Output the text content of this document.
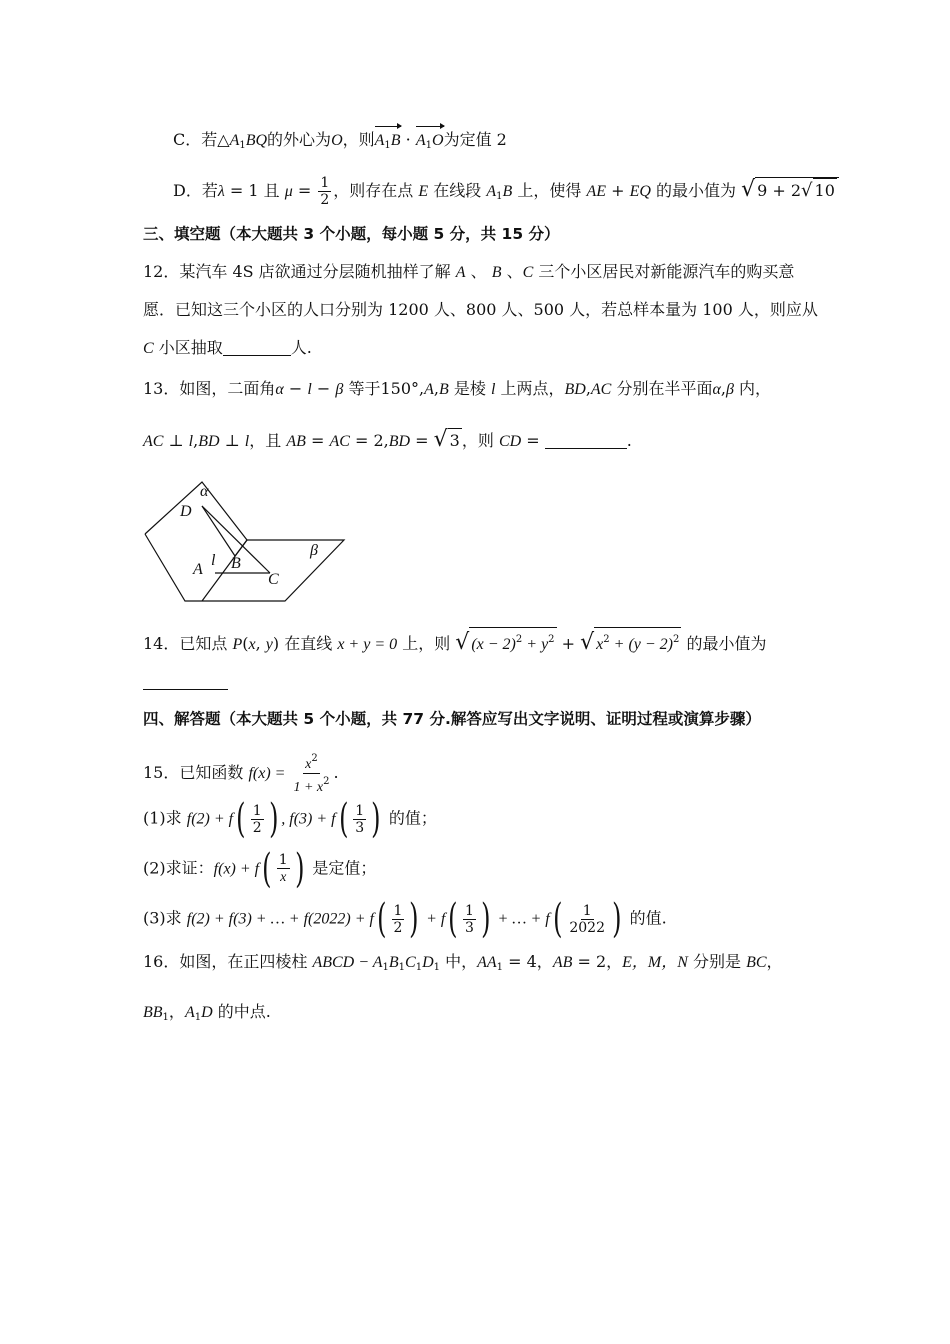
C．若$\triangle A_1BQ$的外心为O，则$A_1B \cdot A_1O$为定值 2
D．若λ = 1 且 $\mu = \frac{1}{2}$ ，则存在点 E 在线段 $A_1B$ 上，使得 AE + EQ 的最小值为 √ 9 + 2√ 10
三、填空题（本大题共 3 个小题，每小题 5 分，共 15 分）
12．某汽车 4S 店欲通过分层随机抽样了解 A 、 B 、C 三个小区居民对新能源汽车的购买意
愿．已知这三个小区的人口分别为 1200 人、800 人、500 人，若总样本量为 100 人，则应从
C 小区抽取	人.
13．如图，二面角α − l − β 等于150°,A,B 是棱 l 上两点，BD,AC 分别在半平面α,β 内，
AC ⊥ l,BD ⊥ l，且 AB = AC = 2,BD = √ 3 ，则 CD =	.
α
D
l
A B
C
β
14．已知点 P(x, y) 在直线 x + y = 0 上，则 √ $(x - 2)^2 + y^2$ + √ $x^2 + (y - 2)^2$ 的最小值为
四、解答题（本大题共 5 个小题，共 77 分.解答应写出文字说明、证明过程或演算步骤）
15．已知函数 $f(x) = \frac{x^2}{1 + x^2}$ .
(1)求 f(2) + f ( $\frac{1}{2}$ ) , f(3) + f ( $\frac{1}{3}$ ) 的值；
(2)求证：f(x) + f ( $\frac{1}{x}$ ) 是定值；
(3)求 f(2) + f(3) + … + f(2022) + f ( $\frac{1}{2}$ ) + f ( $\frac{1}{3}$ ) + … + f ( $\frac{1}{2022}$ ) 的值.
16．如图，在正四棱柱 ABCD − $A_1B_1C_1D_1$ 中，$AA_1 = 4$，AB = 2，E，M，N 分别是 BC，
$BB_1$，$A_1D$ 的中点.
